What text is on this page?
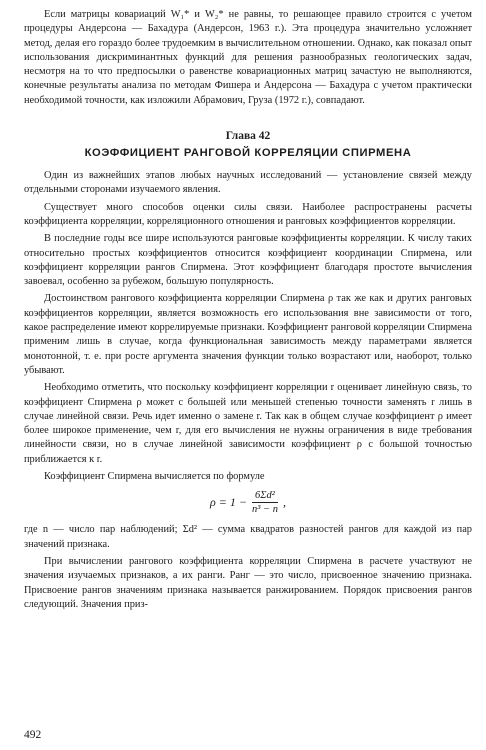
Если матрицы ковариаций W₁* и W₂* не равны, то решающее правило строится с учетом процедуры Андерсона — Бахадура (Андерсон, 1963 г.). Эта процедура значительно усложняет метод, делая его гораздо более трудоемким в вычислительном отношении. Однако, как показал опыт использования дискриминантных функций для решения разнообразных геологических задач, несмотря на то что предпосылки о равенстве ковариационных матриц зачастую не выполняются, конечные результаты анализа по методам Фишера и Андерсона — Бахадура с учетом практически необходимой точности, как изложили Абрамович, Груза (1972 г.), совпадают.

Глава 42
КОЭФФИЦИЕНТ РАНГОВОЙ КОРРЕЛЯЦИИ СПИРМЕНА

Один из важнейших этапов любых научных исследований — установление связей между отдельными сторонами изучаемого явления.

Существует много способов оценки силы связи. Наиболее распространены расчеты коэффициента корреляции, корреляционного отношения и ранговых коэффициентов корреляции.

В последние годы все шире используются ранговые коэффициенты корреляции. К числу таких относительно простых коэффициентов относится коэффициент координации Спирмена, или коэффициент корреляции рангов Спирмена. Этот коэффициент благодаря простоте вычисления завоевал, особенно за рубежом, большую популярность.

Достоинством рангового коэффициента корреляции Спирмена ρ так же как и других ранговых коэффициентов корреляции, является возможность его использования вне зависимости от того, какое распределение имеют коррелируемые признаки. Коэффициент ранговой корреляции Спирмена применим лишь в случае, когда функциональная зависимость между параметрами является монотонной, т. е. при росте аргумента значения функции только возрастают или, наоборот, только убывают.

Необходимо отметить, что поскольку коэффициент корреляции r оценивает линейную связь, то коэффициент Спирмена ρ может с большей или меньшей степенью точности заменять r лишь в случае линейной связи. Речь идет именно о замене r. Так как в общем случае коэффициент ρ имеет более широкое применение, чем r, для его вычисления не нужны ограничения в виде требования линейности связи, но в случае линейной зависимости коэффициент ρ с большой точностью приближается к r.

Коэффициент Спирмена вычисляется по формуле

$\rho = 1 - \frac{\text{6Σd²}}{\text{n³ − n}}$ ,

где n — число пар наблюдений; Σd² — сумма квадратов разностей рангов для каждой из пар значений признака.

При вычислении рангового коэффициента корреляции Спирмена в расчете участвуют не значения изучаемых признаков, а их ранги. Ранг — это число, присвоенное значению признака. Присвоение рангов значениям признака называется ранжированием. Порядок присвоения рангов следующий. Значения приз-

492
